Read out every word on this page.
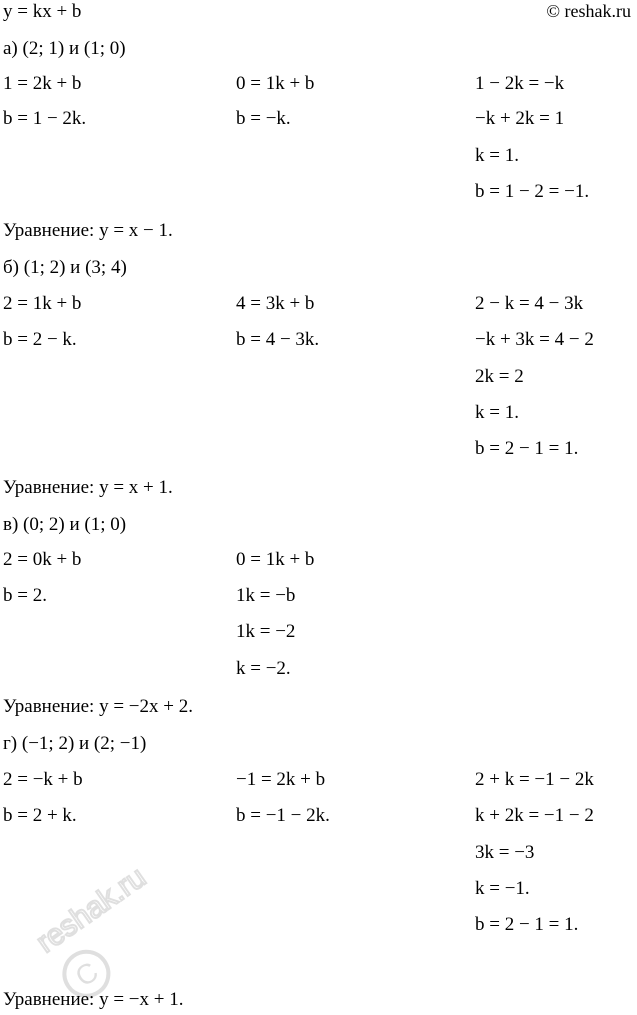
y = kx + b	© reshak.ru
а) (2; 1) и (1; 0)
1 = 2k + b
b = 1 − 2k.
0 = 1k + b
b = −k.
1 − 2k = −k
−k + 2k = 1
k = 1.
b = 1 − 2 = −1.
Уравнение: y = x − 1.
б) (1; 2) и (3; 4)
2 = 1k + b
b = 2 − k.
4 = 3k + b
b = 4 − 3k.
2 − k = 4 − 3k
−k + 3k = 4 − 2
2k = 2
k = 1.
b = 2 − 1 = 1.
Уравнение: y = x + 1.
в) (0; 2) и (1; 0)
2 = 0k + b
b = 2.
0 = 1k + b
1k = −b
1k = −2
k = −2.
Уравнение: y = −2x + 2.
г) (−1; 2) и (2; −1)
2 = −k + b
b = 2 + k.
−1 = 2k + b
b = −1 − 2k.
2 + k = −1 − 2k
k + 2k = −1 − 2
3k = −3
k = −1.
b = 2 − 1 = 1.
Уравнение: y = −x + 1.
C
reshak.ru
